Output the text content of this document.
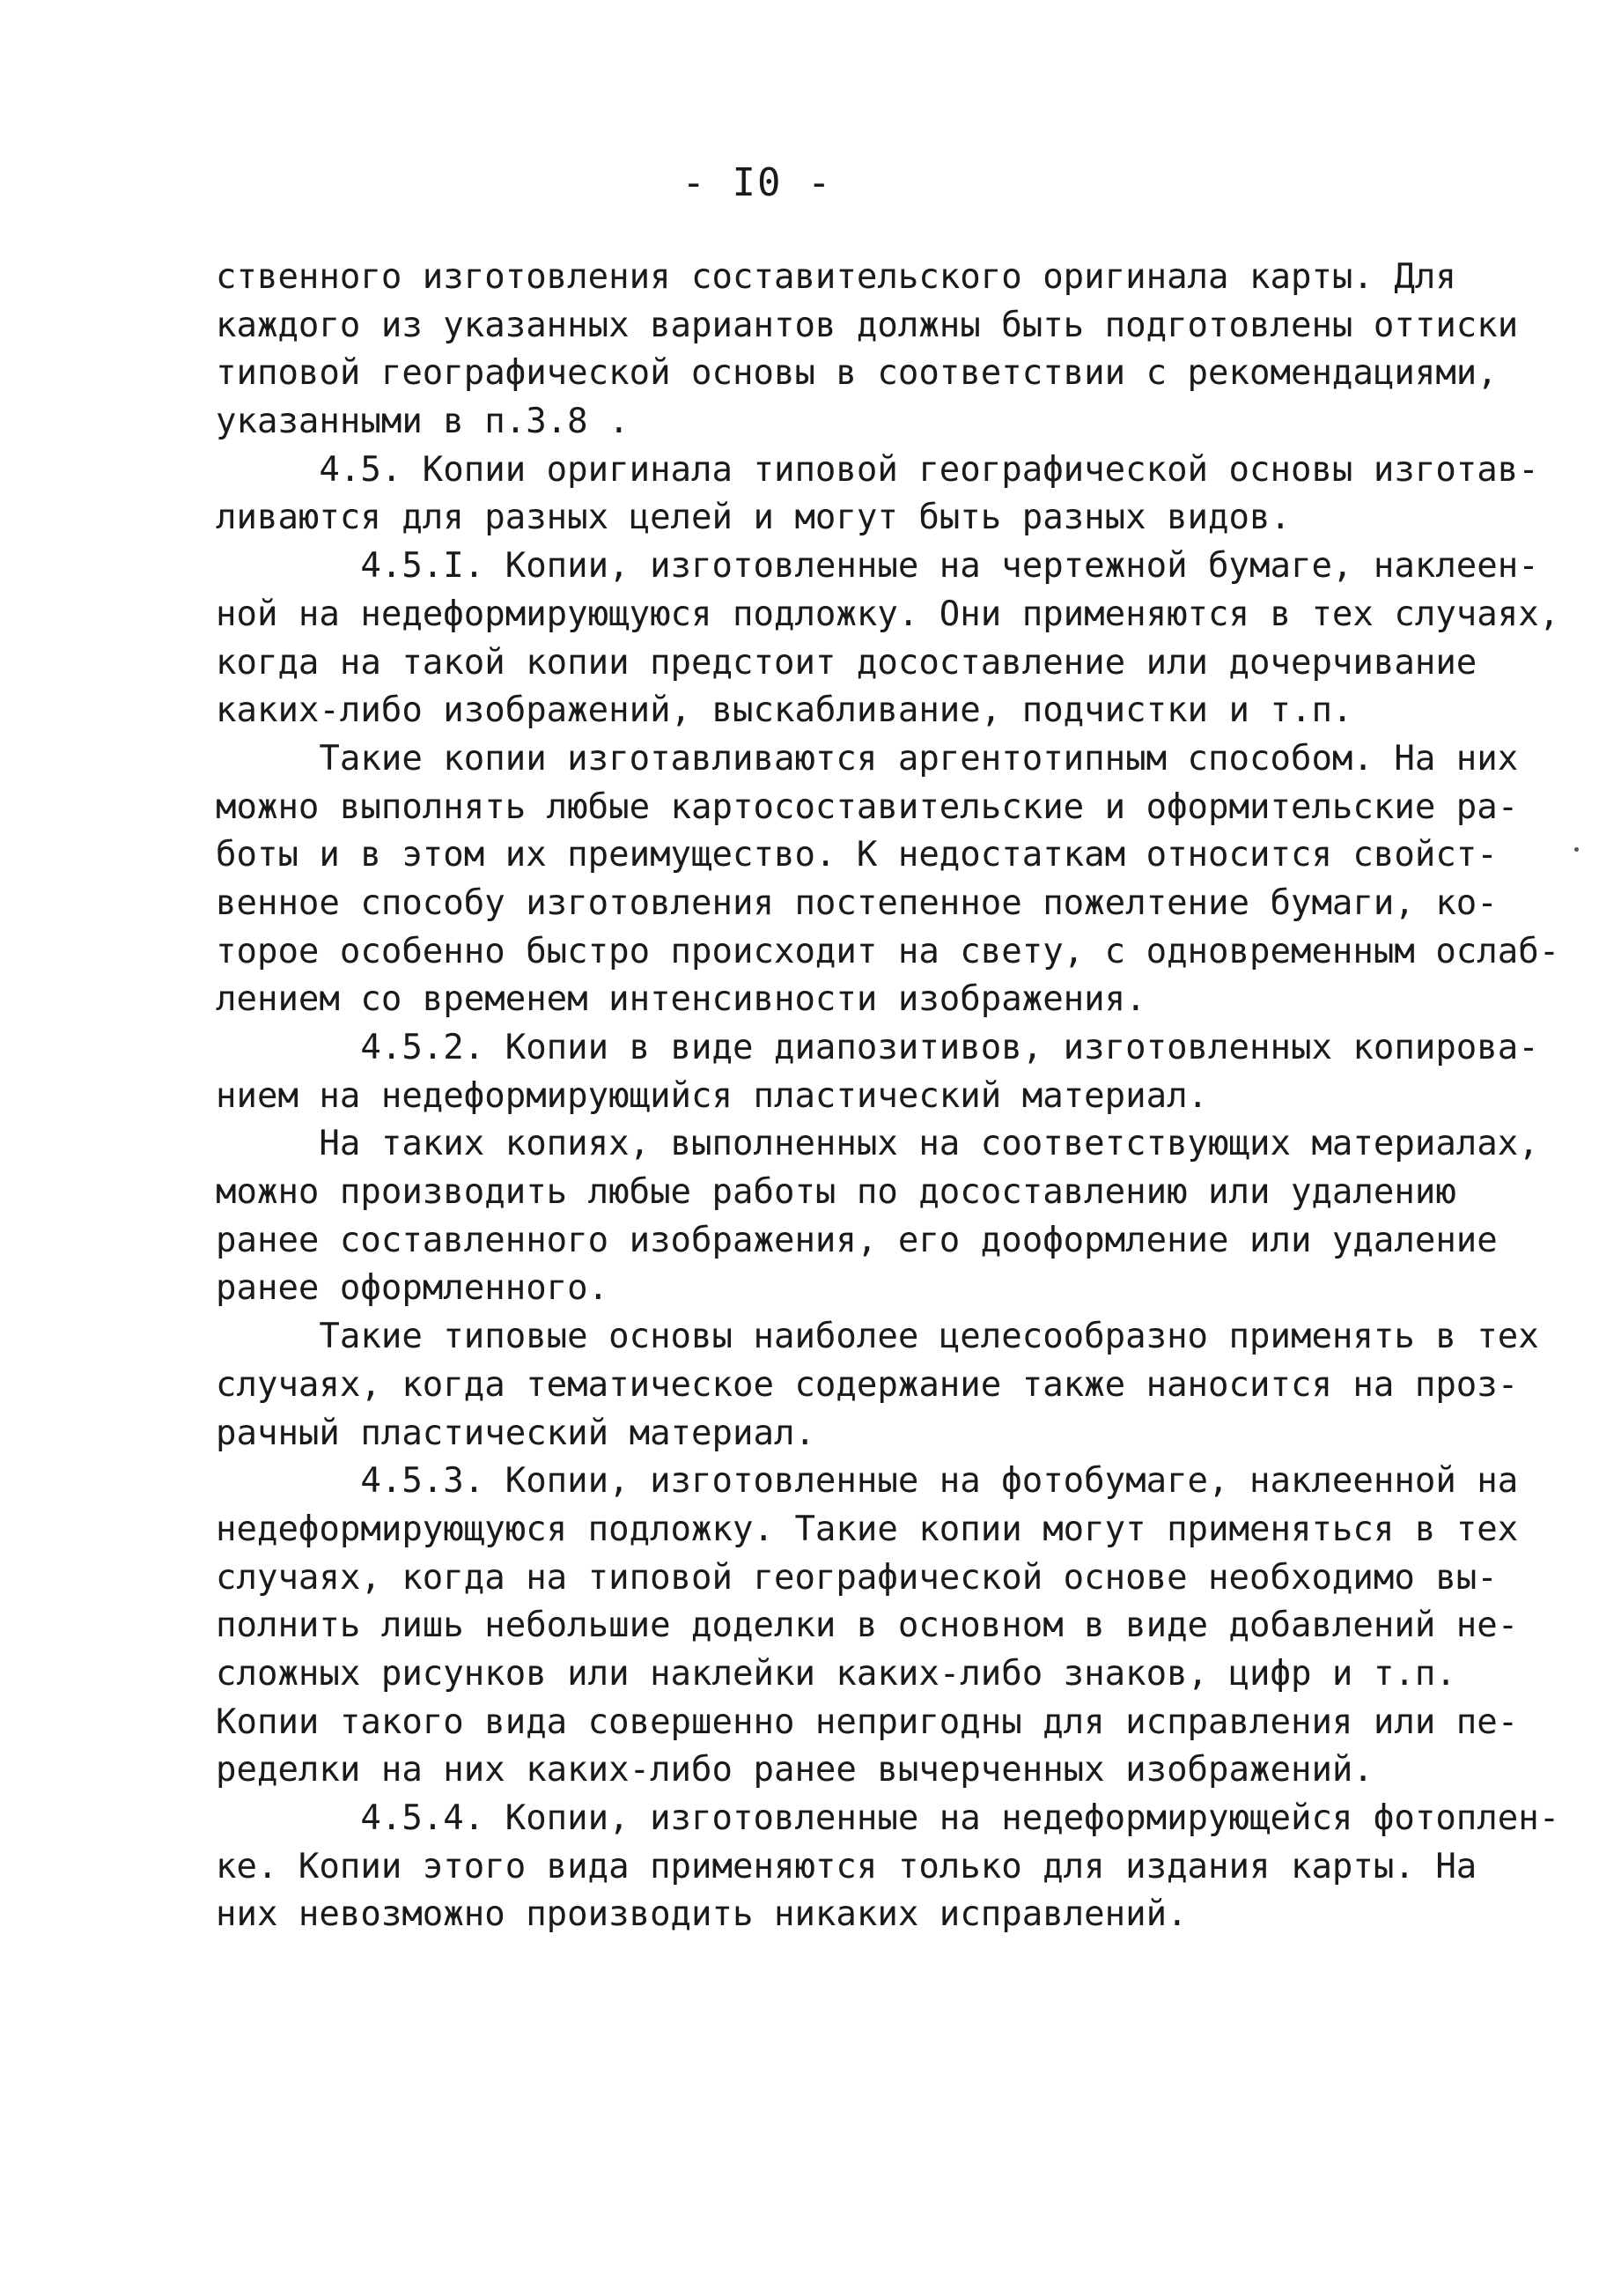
- I0 -
ственного изготовления составительского оригинала карты. Для
каждого из указанных вариантов должны быть подготовлены оттиски
типовой географической основы в соответствии с рекомендациями,
указанными в п.3.8 .
4.5. Копии оригинала типовой географической основы изготав-
ливаются для разных целей и могут быть разных видов.
4.5.I. Копии, изготовленные на чертежной бумаге, наклеен-
ной на недеформирующуюся подложку. Они применяются в тех случаях,
когда на такой копии предстоит досоставление или дочерчивание
каких-либо изображений, выскабливание, подчистки и т.п.
Такие копии изготавливаются аргентотипным способом. На них
можно выполнять любые картосоставительские и оформительские ра-
боты и в этом их преимущество. К недостаткам относится свойст-
венное способу изготовления постепенное пожелтение бумаги, ко-
торое особенно быстро происходит на свету, с одновременным ослаб-
лением со временем интенсивности изображения.
4.5.2. Копии в виде диапозитивов, изготовленных копирова-
нием на недеформирующийся пластический материал.
На таких копиях, выполненных на соответствующих материалах,
можно производить любые работы по досоставлению или удалению
ранее составленного изображения, его дооформление или удаление
ранее оформленного.
Такие типовые основы наиболее целесообразно применять в тех
случаях, когда тематическое содержание также наносится на проз-
рачный пластический материал.
4.5.3. Копии, изготовленные на фотобумаге, наклеенной на
недеформирующуюся подложку. Такие копии могут применяться в тех
случаях, когда на типовой географической основе необходимо вы-
полнить лишь небольшие доделки в основном в виде добавлений не-
сложных рисунков или наклейки каких-либо знаков, цифр и т.п.
Копии такого вида совершенно непригодны для исправления или пе-
ределки на них каких-либо ранее вычерченных изображений.
4.5.4. Копии, изготовленные на недеформирующейся фотоплен-
ке. Копии этого вида применяются только для издания карты. На
них невозможно производить никаких исправлений.
